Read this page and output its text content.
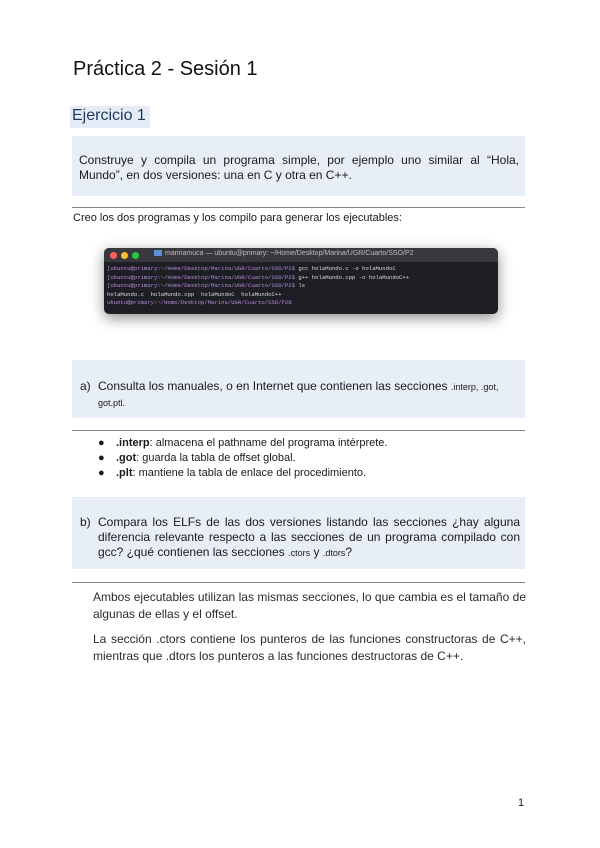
Práctica 2 - Sesión 1
Ejercicio 1

Construye y compila un programa simple, por ejemplo uno similar al “Hola, Mundo”, en dos versiones: una en C y otra en C++.

Creo los dos programas y los compilo para generar los ejecutables:
marinamuca — ubuntu@primary: ~/Home/Desktop/Marina/UGR/Cuarto/SSO/P2
[ubuntu@primary:~/Home/Desktop/Marina/UGR/Cuarto/SSO/P2$ gcc holaMundo.c -o holaMundoC
[ubuntu@primary:~/Home/Desktop/Marina/UGR/Cuarto/SSO/P2$ g++ holaMundo.cpp -o holaMundoC++
[ubuntu@primary:~/Home/Desktop/Marina/UGR/Cuarto/SSO/P2$ ls
holaMundo.c  holaMundo.cpp  holaMundoC  holaMundoC++
ubuntu@primary:~/Home/Desktop/Marina/UGR/Cuarto/SSO/P2$
a) Consulta los manuales, o en Internet que contienen las secciones .interp, .got, got.ptl.
● .interp: almacena el pathname del programa intérprete.
● .got: guarda la tabla de offset global.
● .plt: mantiene la tabla de enlace del procedimiento.
b) Compara los ELFs de las dos versiones listando las secciones ¿hay alguna diferencia relevante respecto a las secciones de un programa compilado con gcc? ¿qué contienen las secciones .ctors y .dtors?

Ambos ejecutables utilizan las mismas secciones, lo que cambia es el tamaño de algunas de ellas y el offset.

La sección .ctors contiene los punteros de las funciones constructoras de C++, mientras que .dtors los punteros a las funciones destructoras de C++.

1
